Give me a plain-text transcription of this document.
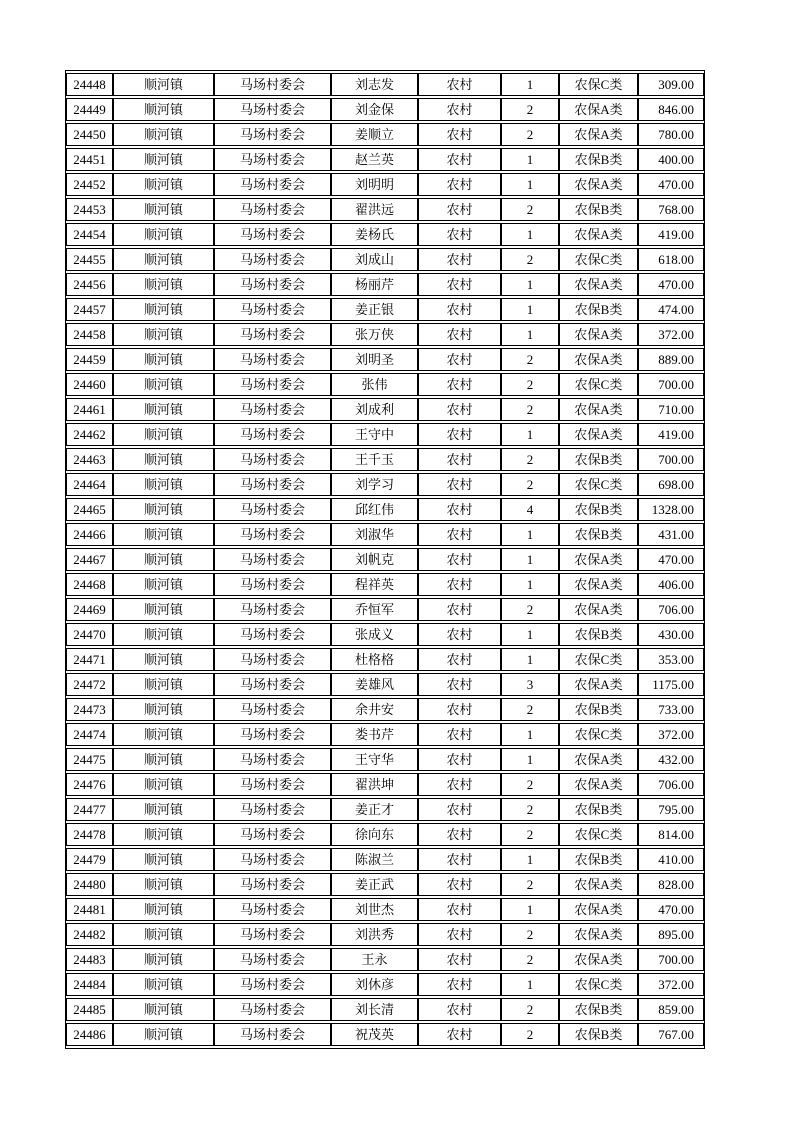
24448	顺河镇	马场村委会	刘志发	农村	1	农保C类	309.00
24449	顺河镇	马场村委会	刘金保	农村	2	农保A类	846.00
24450	顺河镇	马场村委会	姜顺立	农村	2	农保A类	780.00
24451	顺河镇	马场村委会	赵兰英	农村	1	农保B类	400.00
24452	顺河镇	马场村委会	刘明明	农村	1	农保A类	470.00
24453	顺河镇	马场村委会	翟洪远	农村	2	农保B类	768.00
24454	顺河镇	马场村委会	姜杨氏	农村	1	农保A类	419.00
24455	顺河镇	马场村委会	刘成山	农村	2	农保C类	618.00
24456	顺河镇	马场村委会	杨丽芹	农村	1	农保A类	470.00
24457	顺河镇	马场村委会	姜正银	农村	1	农保B类	474.00
24458	顺河镇	马场村委会	张万侠	农村	1	农保A类	372.00
24459	顺河镇	马场村委会	刘明圣	农村	2	农保A类	889.00
24460	顺河镇	马场村委会	张伟	农村	2	农保C类	700.00
24461	顺河镇	马场村委会	刘成利	农村	2	农保A类	710.00
24462	顺河镇	马场村委会	王守中	农村	1	农保A类	419.00
24463	顺河镇	马场村委会	王千玉	农村	2	农保B类	700.00
24464	顺河镇	马场村委会	刘学习	农村	2	农保C类	698.00
24465	顺河镇	马场村委会	邱红伟	农村	4	农保B类	1328.00
24466	顺河镇	马场村委会	刘淑华	农村	1	农保B类	431.00
24467	顺河镇	马场村委会	刘帆克	农村	1	农保A类	470.00
24468	顺河镇	马场村委会	程祥英	农村	1	农保A类	406.00
24469	顺河镇	马场村委会	乔恒军	农村	2	农保A类	706.00
24470	顺河镇	马场村委会	张成义	农村	1	农保B类	430.00
24471	顺河镇	马场村委会	杜格格	农村	1	农保C类	353.00
24472	顺河镇	马场村委会	姜雄风	农村	3	农保A类	1175.00
24473	顺河镇	马场村委会	余井安	农村	2	农保B类	733.00
24474	顺河镇	马场村委会	娄书芹	农村	1	农保C类	372.00
24475	顺河镇	马场村委会	王守华	农村	1	农保A类	432.00
24476	顺河镇	马场村委会	翟洪坤	农村	2	农保A类	706.00
24477	顺河镇	马场村委会	姜正才	农村	2	农保B类	795.00
24478	顺河镇	马场村委会	徐向东	农村	2	农保C类	814.00
24479	顺河镇	马场村委会	陈淑兰	农村	1	农保B类	410.00
24480	顺河镇	马场村委会	姜正武	农村	2	农保A类	828.00
24481	顺河镇	马场村委会	刘世杰	农村	1	农保A类	470.00
24482	顺河镇	马场村委会	刘洪秀	农村	2	农保A类	895.00
24483	顺河镇	马场村委会	王永	农村	2	农保A类	700.00
24484	顺河镇	马场村委会	刘休彦	农村	1	农保C类	372.00
24485	顺河镇	马场村委会	刘长清	农村	2	农保B类	859.00
24486	顺河镇	马场村委会	祝茂英	农村	2	农保B类	767.00
